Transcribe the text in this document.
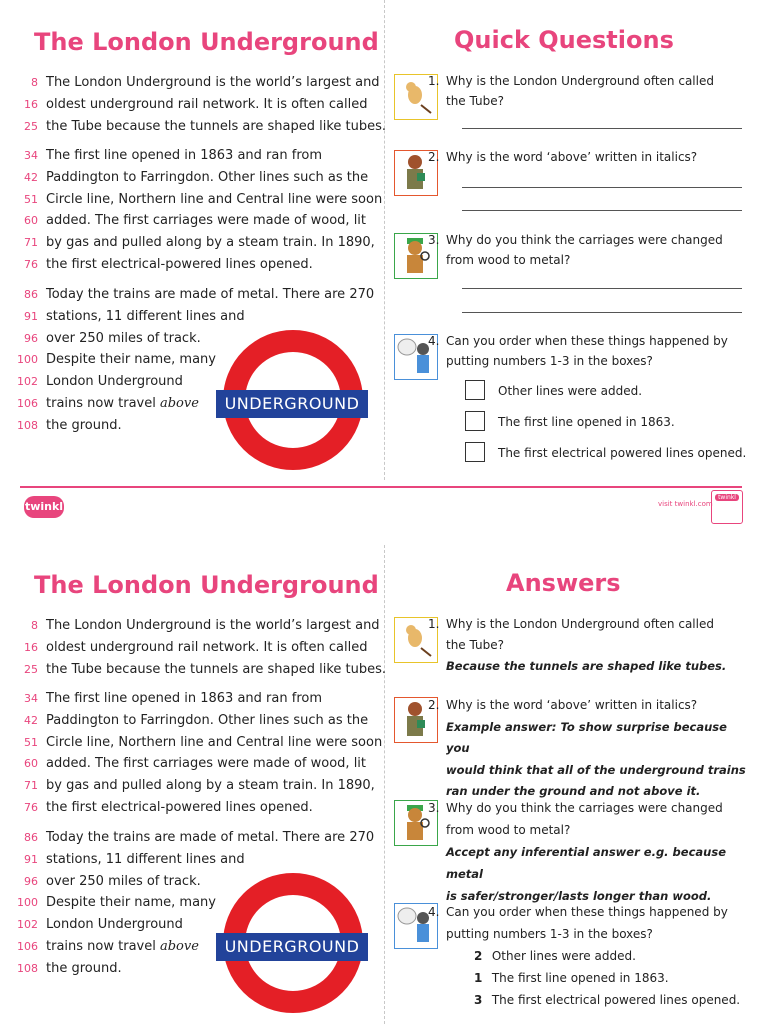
The London Underground
8
16
25
The London Underground is the world’s largest and
oldest underground rail network. It is often called
the Tube because the tunnels are shaped like tubes.
34
42
51
60
71
76
The first line opened in 1863 and ran from
Paddington to Farringdon. Other lines such as the
Circle line, Northern line and Central line were soon
added. The first carriages were made of wood, lit
by gas and pulled along by a steam train. In 1890,
the first electrical-powered lines opened.
86
91
96
100
102
106
108
Today the trains are made of metal. There are 270
stations, 11 different lines and
over 250 miles of track.
Despite their name, many
London Underground
trains now travel above
the ground.
UNDERGROUND
Quick Questions
1. Why is the London Underground often called
the Tube?
2. Why is the word ‘above’ written in italics?
3. Why do you think the carriages were changed
from wood to metal?
4. Can you order when these things happened by
putting numbers 1-3 in the boxes?
Other lines were added.
The first line opened in 1863.
The first electrical powered lines opened.
twinkl	visit twinkl.com
twinkl
The London Underground
8
16
25
The London Underground is the world’s largest and
oldest underground rail network. It is often called
the Tube because the tunnels are shaped like tubes.
34
42
51
60
71
76
The first line opened in 1863 and ran from
Paddington to Farringdon. Other lines such as the
Circle line, Northern line and Central line were soon
added. The first carriages were made of wood, lit
by gas and pulled along by a steam train. In 1890,
the first electrical-powered lines opened.
86
91
96
100
102
106
108
Today the trains are made of metal. There are 270
stations, 11 different lines and
over 250 miles of track.
Despite their name, many
London Underground
trains now travel above
the ground.
UNDERGROUND
Answers
1. Why is the London Underground often called
the Tube?
Because the tunnels are shaped like tubes.
2. Why is the word ‘above’ written in italics?
Example answer: To show surprise because you
would think that all of the underground trains
ran under the ground and not above it.
3. Why do you think the carriages were changed
from wood to metal?
Accept any inferential answer e.g. because metal
is safer/stronger/lasts longer than wood.
4. Can you order when these things happened by
putting numbers 1-3 in the boxes?
2 Other lines were added.
1 The first line opened in 1863.
3 The first electrical powered lines opened.
